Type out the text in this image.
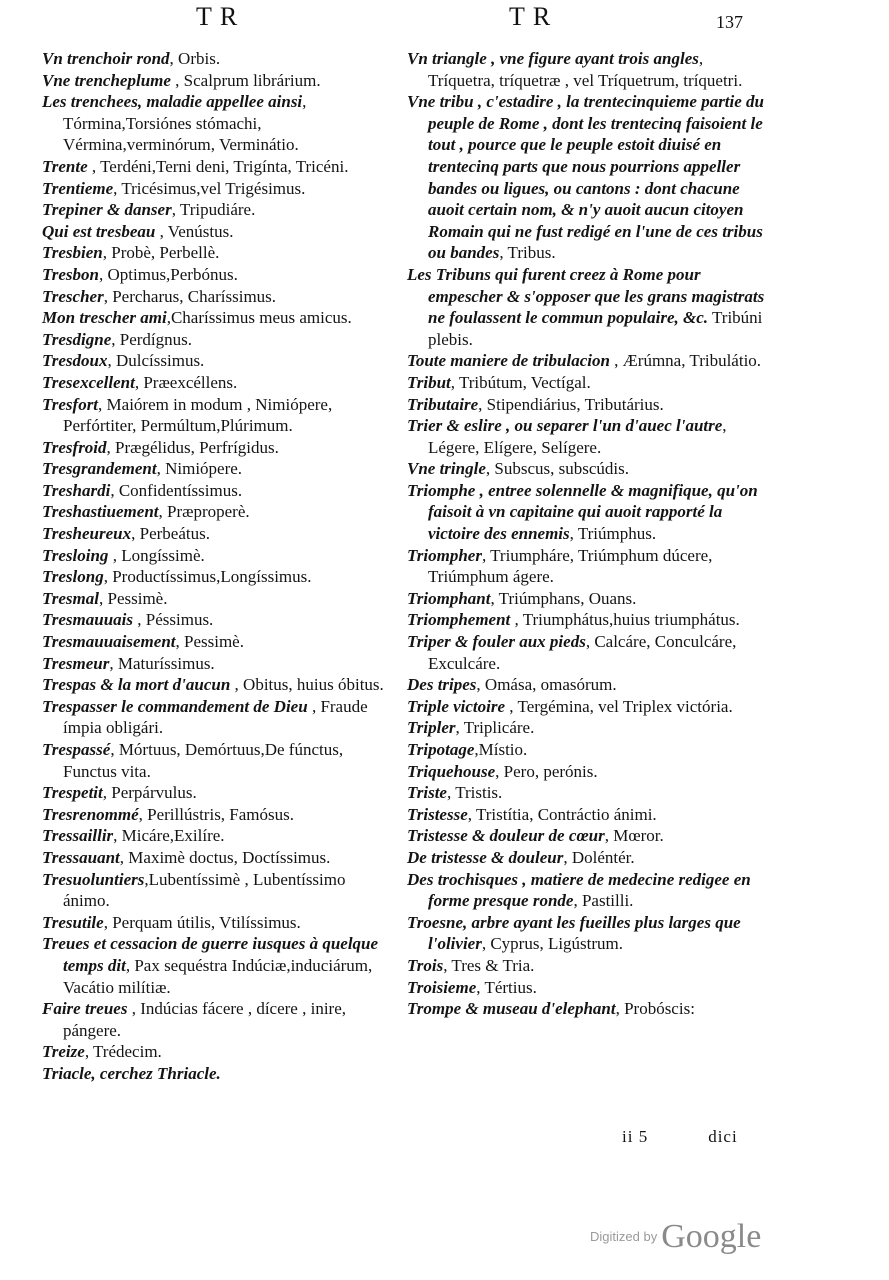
TR	TR	137

Vn trenchoir rond, Orbis.

Vne trencheplume , Scalprum librárium.

Les trenchees, maladie appellee ainsi, Tórmina,Torsiónes stómachi, Vérmina,verminórum, Verminátio.

Trente , Terdéni,Terni deni, Trigínta, Tricéni.

Trentieme, Tricésimus,vel Trigésimus.

Trepiner & danser, Tripudiáre.

Qui est tresbeau , Venústus.

Tresbien, Probè, Perbellè.

Tresbon, Optimus,Perbónus.

Trescher, Percharus, Charíssimus.

Mon trescher ami,Charíssimus meus amicus.

Tresdigne, Perdígnus.

Tresdoux, Dulcíssimus.

Tresexcellent, Præexcéllens.

Tresfort, Maiórem in modum , Nimiópere, Perfórtiter, Permúltum,Plúrimum.

Tresfroid, Prægélidus, Perfrígidus.

Tresgrandement, Nimiópere.

Treshardi, Confidentíssimus.

Treshastiuement, Præproperè.

Tresheureux, Perbeátus.

Tresloing , Longíssimè.

Treslong, Productíssimus,Longíssimus.

Tresmal, Pessimè.

Tresmauuais , Péssimus.

Tresmauuaisement, Pessimè.

Tresmeur, Maturíssimus.

Trespas & la mort d'aucun , Obitus, huius óbitus.

Trespasser le commandement de Dieu , Fraude ímpia obligári.

Trespassé, Mórtuus, Demórtuus,De fúnctus, Functus vita.

Trespetit, Perpárvulus.

Tresrenommé, Perillústris, Famósus.

Tressaillir, Micáre,Exilíre.

Tressauant, Maximè doctus, Doctíssimus.

Tresuoluntiers,Lubentíssimè , Lubentíssimo ánimo.

Tresutile, Perquam útilis, Vtilíssimus.

Treues et cessacion de guerre iusques à quelque temps dit, Pax sequéstra Indúciæ,induciárum, Vacátio milítiæ.

Faire treues , Indúcias fácere , dícere , inire, pángere.

Treize, Trédecim.

Triacle, cerchez Thriacle.

Vn triangle , vne figure ayant trois angles, Tríquetra, tríquetræ , vel Tríquetrum, tríquetri.

Vne tribu , c'estadire , la trentecinquieme partie du peuple de Rome , dont les trentecinq faisoient le tout , pource que le peuple estoit diuisé en trentecinq parts que nous pourrions appeller bandes ou ligues, ou cantons : dont chacune auoit certain nom, & n'y auoit aucun citoyen Romain qui ne fust redigé en l'une de ces tribus ou bandes, Tribus.

Les Tribuns qui furent creez à Rome pour empescher & s'opposer que les grans magistrats ne foulassent le commun populaire, &c. Tribúni plebis.

Toute maniere de tribulacion , Ærúmna, Tribulátio.

Tribut, Tribútum, Vectígal.

Tributaire, Stipendiárius, Tributárius.

Trier & eslire , ou separer l'un d'auec l'autre, Légere, Elígere, Selígere.

Vne tringle, Subscus, subscúdis.

Triomphe , entree solennelle & magnifique, qu'on faisoit à vn capitaine qui auoit rapporté la victoire des ennemis, Triúmphus.

Triompher, Triumpháre, Triúmphum dúcere, Triúmphum ágere.

Triomphant, Triúmphans, Ouans.

Triomphement , Triumphátus,huius triumphátus.

Triper & fouler aux pieds, Calcáre, Conculcáre, Exculcáre.

Des tripes, Omása, omasórum.

Triple victoire , Tergémina, vel Triplex victória.

Tripler, Triplicáre.

Tripotage,Místio.

Triquehouse, Pero, perónis.

Triste, Tristis.

Tristesse, Tristítia, Contráctio ánimi.

Tristesse & douleur de cœur, Mœror.

De tristesse & douleur, Doléntér.

Des trochisques , matiere de medecine redigee en forme presque ronde, Pastilli.

Troesne, arbre ayant les fueilles plus larges que l'olivier, Cyprus, Ligústrum.

Trois, Tres & Tria.

Troisieme, Tértius.

Trompe & museau d'elephant, Probóscis:

ii 5	dici
$^{Digitized by}$ Google
